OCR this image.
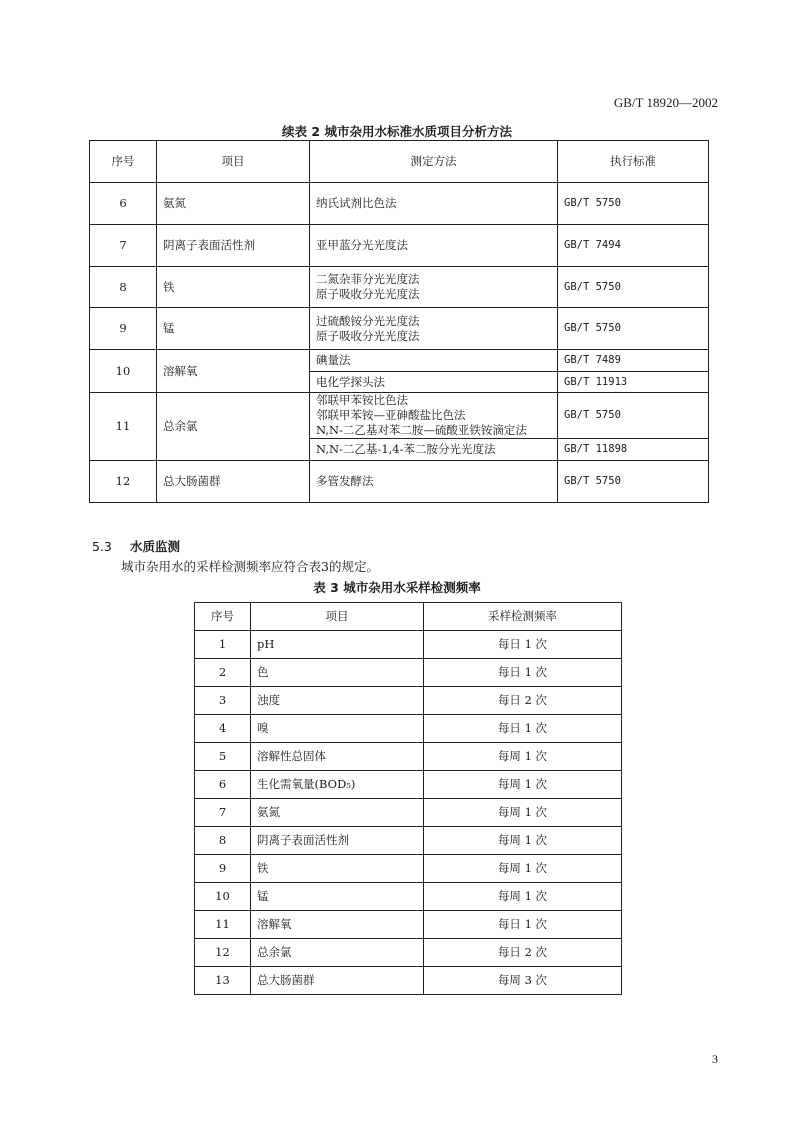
GB/T 18920—2002
续表 2 城市杂用水标准水质项目分析方法
序号	项目	测定方法	执行标准
6	氨氮	纳氏试剂比色法	GB/T 5750
7	阴离子表面活性剂	亚甲蓝分光光度法	GB/T 7494
8	铁	二氮杂菲分光光度法
原子吸收分光光度法	GB/T 5750
9	锰	过硫酸铵分光光度法
原子吸收分光光度法	GB/T 5750
10	溶解氧	碘量法	GB/T 7489
		电化学探头法	GB/T 11913
11	总余氯	邻联甲苯铵比色法
邻联甲苯铵—亚砷酸盐比色法
N,N-二乙基对苯二胺—硫酸亚铁铵滴定法	GB/T 5750
		N,N-二乙基-1,4-苯二胺分光光度法	GB/T 11898
12	总大肠菌群	多管发酵法	GB/T 5750
5.3 水质监测
城市杂用水的采样检测频率应符合表3的规定。
表 3 城市杂用水采样检测频率
序号	项目	采样检测频率
1	pH	每日 1 次
2	色	每日 1 次
3	浊度	每日 2 次
4	嗅	每日 1 次
5	溶解性总固体	每周 1 次
6	生化需氧量(BOD₅)	每周 1 次
7	氨氮	每周 1 次
8	阴离子表面活性剂	每周 1 次
9	铁	每周 1 次
10	锰	每周 1 次
11	溶解氧	每日 1 次
12	总余氯	每日 2 次
13	总大肠菌群	每周 3 次
3
